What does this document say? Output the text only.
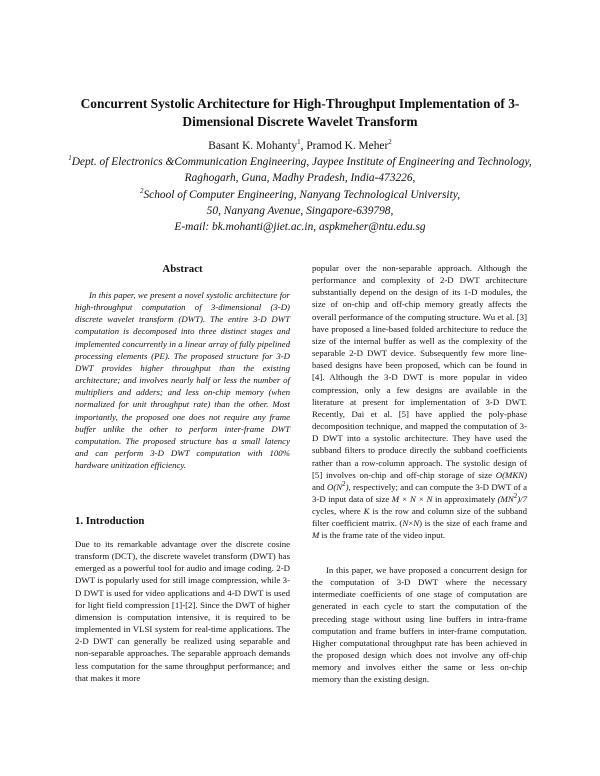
Concurrent Systolic Architecture for High-Throughput Implementation of 3-Dimensional Discrete Wavelet Transform
Basant K. Mohanty$^1$, Pramod K. Meher$^2$
$^1$Dept. of Electronics &Communication Engineering, Jaypee Institute of Engineering and Technology, Raghogarh, Guna, Madhy Pradesh, India-473226,
$^2$School of Computer Engineering, Nanyang Technological University,
50, Nanyang Avenue, Singapore-639798,
E-mail: bk.mohanti@jiet.ac.in, aspkmeher@ntu.edu.sg
Abstract

In this paper, we present a novel systolic architecture for high-throughput computation of 3-dimensional (3-D) discrete wavelet transform (DWT). The entire 3-D DWT computation is decomposed into three distinct stages and implemented concurrently in a linear array of fully pipelined processing elements (PE). The proposed structure for 3-D DWT provides higher throughput than the existing architecture; and involves nearly half or less the number of multipliers and adders; and less on-chip memory (when normalized for unit throughput rate) than the other. Most importantly, the proposed one does not require any frame buffer unlike the other to perform inter-frame DWT computation. The proposed structure has a small latency and can perform 3-D DWT computation with 100% hardware unitization efficiency.

1. Introduction

Due to its remarkable advantage over the discrete cosine transform (DCT), the discrete wavelet transform (DWT) has emerged as a powerful tool for audio and image coding. 2-D DWT is popularly used for still image compression, while 3-D DWT is used for video applications and 4-D DWT is used for light field compression [1]-[2]. Since the DWT of higher dimension is computation intensive, it is required to be implemented in VLSI system for real-time applications. The 2-D DWT can generally be realized using separable and non-separable approaches. The separable approach demands less computation for the same throughput performance; and that makes it more

popular over the non-separable approach. Although the performance and complexity of 2-D DWT architecture substantially depend on the design of its 1-D modules, the size of on-chip and off-chip memory greatly affects the overall performance of the computing structure. Wu et al. [3] have proposed a line-based folded architecture to reduce the size of the internal buffer as well as the complexity of the separable 2-D DWT device. Subsequently few more line-based designs have been proposed, which can be found in [4]. Although the 3-D DWT is more popular in video compression, only a few designs are available in the literature at present for implementation of 3-D DWT. Recently, Dai et al. [5] have applied the poly-phase decomposition technique, and mapped the computation of 3-D DWT into a systolic architecture. They have used the subband filters to produce directly the subband coefficients rather than a row-column approach. The systolic design of [5] involves on-chip and off-chip storage of size O(MKN) and $O(N^2)$, respectively; and can compute the 3-D DWT of a 3-D input data of size M × N × N in approximately $(MN^2)/7$ cycles, where K is the row and column size of the subband filter coefficient matrix. (N×N) is the size of each frame and M is the frame rate of the video input.

In this paper, we have proposed a concurrent design for the computation of 3-D DWT where the necessary intermediate coefficients of one stage of computation are generated in each cycle to start the computation of the preceding stage without using line buffers in intra-frame computation and frame buffers in inter-frame computation. Higher computational throughput rate has been achieved in the proposed design which does not involve any off-chip memory and involves either the same or less on-chip memory than the existing design.
